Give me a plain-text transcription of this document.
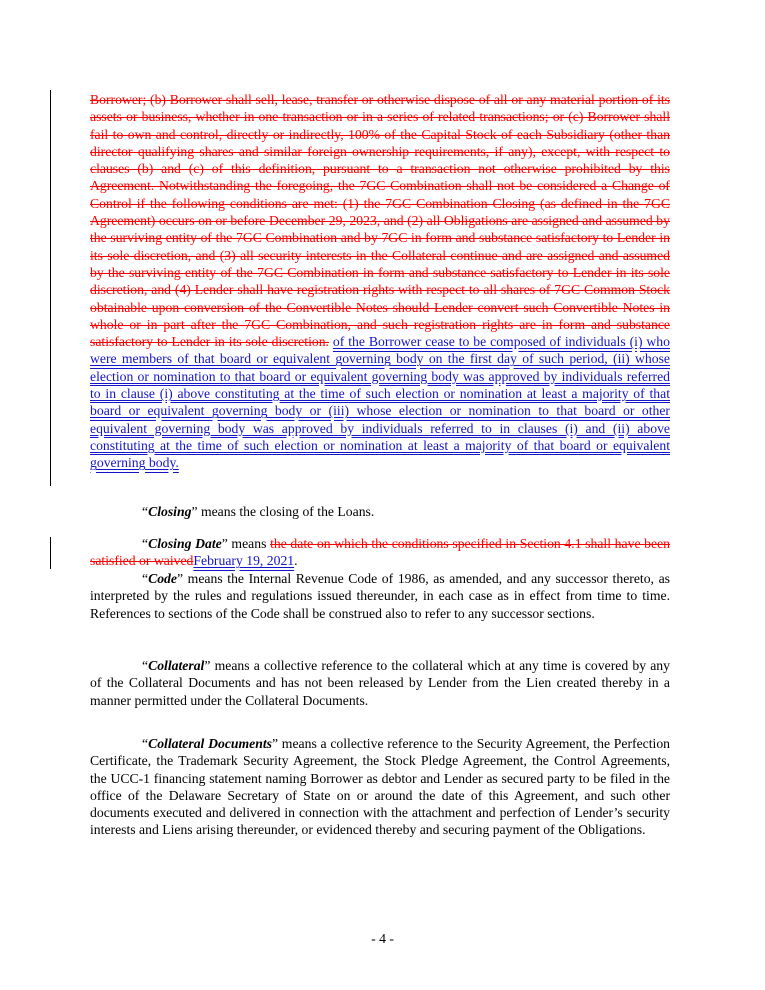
Borrower; (b) Borrower shall sell, lease, transfer or otherwise dispose of all or any material portion of its assets or business, whether in one transaction or in a series of related transactions; or (c) Borrower shall fail to own and control, directly or indirectly, 100% of the Capital Stock of each Subsidiary (other than director qualifying shares and similar foreign ownership requirements, if any), except, with respect to clauses (b) and (c) of this definition, pursuant to a transaction not otherwise prohibited by this Agreement. Notwithstanding the foregoing, the 7GC Combination shall not be considered a Change of Control if the following conditions are met: (1) the 7GC Combination Closing (as defined in the 7GC Agreement) occurs on or before December 29, 2023, and (2) all Obligations are assigned and assumed by the surviving entity of the 7GC Combination and by 7GC in form and substance satisfactory to Lender in its sole discretion, and (3) all security interests in the Collateral continue and are assigned and assumed by the surviving entity of the 7GC Combination in form and substance satisfactory to Lender in its sole discretion, and (4) Lender shall have registration rights with respect to all shares of 7GC Common Stock obtainable upon conversion of the Convertible Notes should Lender convert such Convertible Notes in whole or in part after the 7GC Combination, and such registration rights are in form and substance satisfactory to Lender in its sole discretion. of the Borrower cease to be composed of individuals (i) who were members of that board or equivalent governing body on the first day of such period, (ii) whose election or nomination to that board or equivalent governing body was approved by individuals referred to in clause (i) above constituting at the time of such election or nomination at least a majority of that board or equivalent governing body or (iii) whose election or nomination to that board or other equivalent governing body was approved by individuals referred to in clauses (i) and (ii) above constituting at the time of such election or nomination at least a majority of that board or equivalent governing body.

“Closing” means the closing of the Loans.

“Closing Date” means the date on which the conditions specified in Section 4.1 shall have been satisfied or waivedFebruary 19, 2021.

“Code” means the Internal Revenue Code of 1986, as amended, and any successor thereto, as interpreted by the rules and regulations issued thereunder, in each case as in effect from time to time. References to sections of the Code shall be construed also to refer to any successor sections.

“Collateral” means a collective reference to the collateral which at any time is covered by any of the Collateral Documents and has not been released by Lender from the Lien created thereby in a manner permitted under the Collateral Documents.

“Collateral Documents” means a collective reference to the Security Agreement, the Perfection Certificate, the Trademark Security Agreement, the Stock Pledge Agreement, the Control Agreements, the UCC-1 financing statement naming Borrower as debtor and Lender as secured party to be filed in the office of the Delaware Secretary of State on or around the date of this Agreement, and such other documents executed and delivered in connection with the attachment and perfection of Lender’s security interests and Liens arising thereunder, or evidenced thereby and securing payment of the Obligations.

- 4 -
